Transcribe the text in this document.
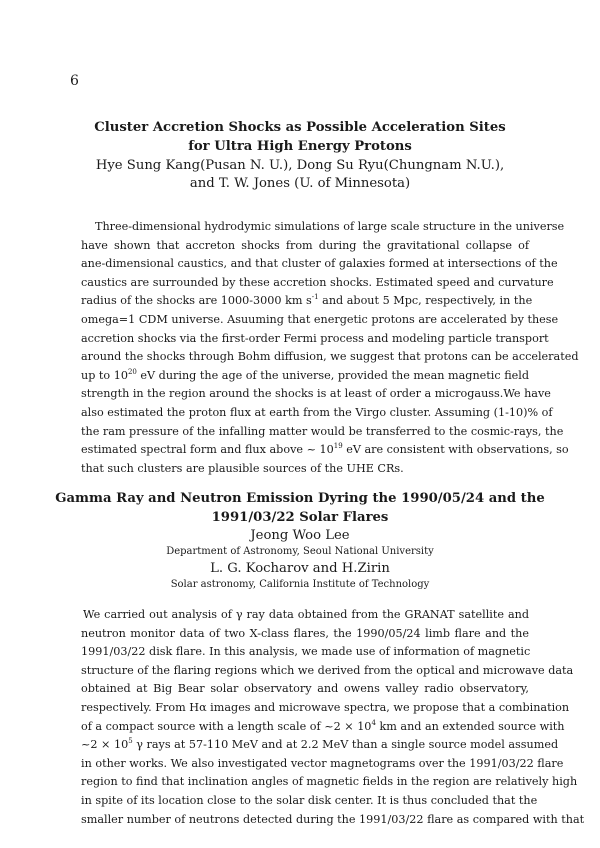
6
Cluster Accretion Shocks as Possible Acceleration Sites
for Ultra High Energy Protons
Hye Sung Kang(Pusan N. U.), Dong Su Ryu(Chungnam N.U.),
and T. W. Jones (U. of Minnesota)
Three-dimensional hydrodymic simulations of large scale structure in the universe
have shown that accreton shocks from during the gravitational collapse of
ane-dimensional caustics, and that cluster of galaxies formed at intersections of the
caustics are surrounded by these accretion shocks. Estimated speed and curvature
radius of the shocks are 1000-3000 km $s^{-1}$ and about 5 Mpc, respectively, in the
omega=1 CDM universe. Asuuming that energetic protons are accelerated by these
accretion shocks via the first-order Fermi process and modeling particle transport
around the shocks through Bohm diffusion, we suggest that protons can be accelerated
up to $10^{20}$ eV during the age of the universe, provided the mean magnetic field
strength in the region around the shocks is at least of order a microgauss.We have
also estimated the proton flux at earth from the Virgo cluster. Assuming (1-10)% of
the ram pressure of the infalling matter would be transferred to the cosmic-rays, the
estimated spectral form and flux above ~ $10^{19}$ eV are consistent with observations, so
that such clusters are plausible sources of the UHE CRs.
Gamma Ray and Neutron Emission Dyring the 1990/05/24 and the
1991/03/22 Solar Flares
Jeong Woo Lee
Department of Astronomy, Seoul National University
L. G. Kocharov and H.Zirin
Solar astronomy, California Institute of Technology
We carried out analysis of γ ray data obtained from the GRANAT satellite and
neutron monitor data of two X-class flares, the 1990/05/24 limb flare and the
1991/03/22 disk flare. In this analysis, we made use of information of magnetic
structure of the flaring regions which we derived from the optical and microwave data
obtained at Big Bear solar observatory and owens valley radio observatory,
respectively. From Hα images and microwave spectra, we propose that a combination
of a compact source with a length scale of ~2 × $10^4$ km and an extended source with
~2 × $10^5$ γ rays at 57-110 MeV and at 2.2 MeV than a single source model assumed
in other works. We also investigated vector magnetograms over the 1991/03/22 flare
region to find that inclination angles of magnetic fields in the region are relatively high
in spite of its location close to the solar disk center. It is thus concluded that the
smaller number of neutrons detected during the 1991/03/22 flare as compared with that
